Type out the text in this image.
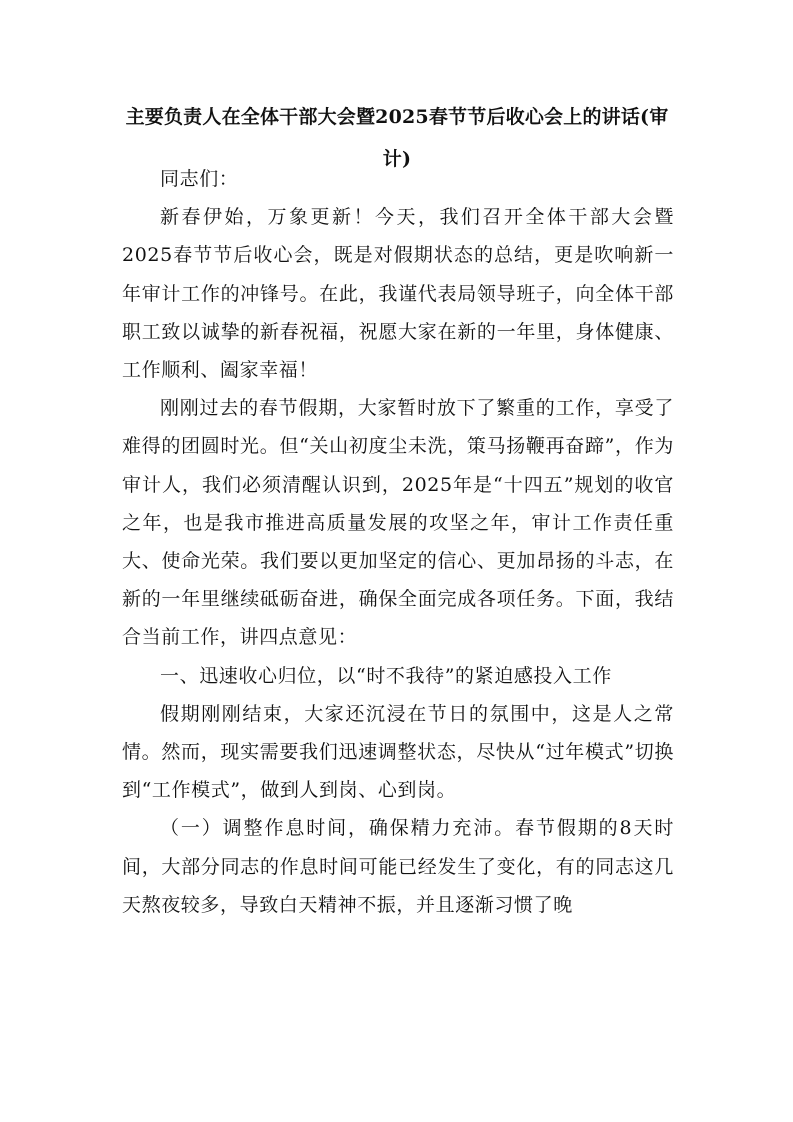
主要负责人在全体干部大会暨2025春节节后收心会上的讲话(审计)

同志们：

新春伊始，万象更新！今天，我们召开全体干部大会暨2025春节节后收心会，既是对假期状态的总结，更是吹响新一年审计工作的冲锋号。在此，我谨代表局领导班子，向全体干部职工致以诚挚的新春祝福，祝愿大家在新的一年里，身体健康、工作顺利、阖家幸福！

刚刚过去的春节假期，大家暂时放下了繁重的工作，享受了难得的团圆时光。但“关山初度尘未洗，策马扬鞭再奋蹄”，作为审计人，我们必须清醒认识到，2025年是“十四五”规划的收官之年，也是我市推进高质量发展的攻坚之年，审计工作责任重大、使命光荣。我们要以更加坚定的信心、更加昂扬的斗志，在新的一年里继续砥砺奋进，确保全面完成各项任务。下面，我结合当前工作，讲四点意见：

一、迅速收心归位，以“时不我待”的紧迫感投入工作

假期刚刚结束，大家还沉浸在节日的氛围中，这是人之常情。然而，现实需要我们迅速调整状态，尽快从“过年模式”切换到“工作模式”，做到人到岗、心到岗。

（一）调整作息时间，确保精力充沛。春节假期的8天时间，大部分同志的作息时间可能已经发生了变化，有的同志这几天熬夜较多，导致白天精神不振，并且逐渐习惯了晚
